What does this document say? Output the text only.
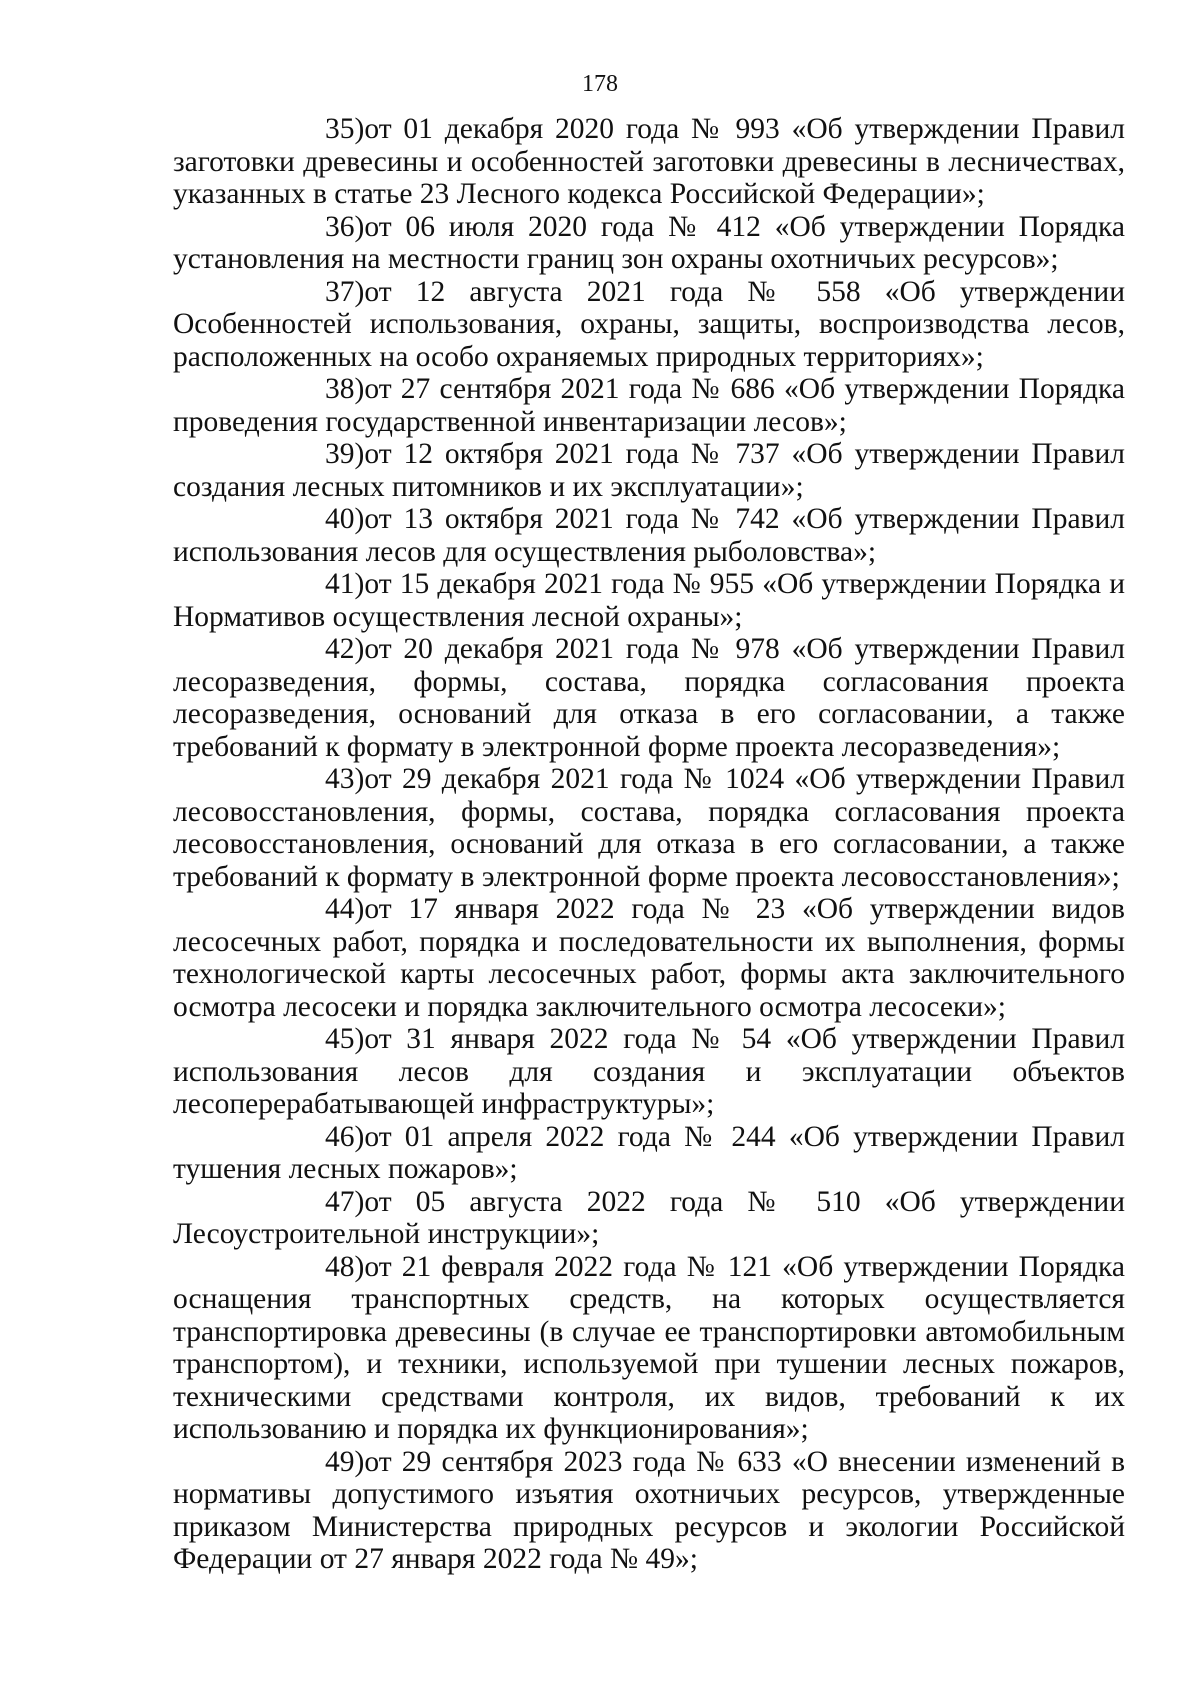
178

35)от 01 декабря 2020 года № 993 «Об утверждении Правил заготовки древесины и особенностей заготовки древесины в лесничествах, указанных в статье 23 Лесного кодекса Российской Федерации»;

36)от 06 июля 2020 года № 412 «Об утверждении Порядка установления на местности границ зон охраны охотничьих ресурсов»;

37)от 12 августа 2021 года № 558 «Об утверждении Особенностей использования, охраны, защиты, воспроизводства лесов, расположенных на особо охраняемых природных территориях»;

38)от 27 сентября 2021 года № 686 «Об утверждении Порядка проведения государственной инвентаризации лесов»;

39)от 12 октября 2021 года № 737 «Об утверждении Правил создания лесных питомников и их эксплуатации»;

40)от 13 октября 2021 года № 742 «Об утверждении Правил использования лесов для осуществления рыболовства»;

41)от 15 декабря 2021 года № 955 «Об утверждении Порядка и Нормативов осуществления лесной охраны»;

42)от 20 декабря 2021 года № 978 «Об утверждении Правил лесоразведения, формы, состава, порядка согласования проекта лесоразведения, оснований для отказа в его согласовании, а также требований к формату в электронной форме проекта лесоразведения»;

43)от 29 декабря 2021 года № 1024 «Об утверждении Правил лесовосстановления, формы, состава, порядка согласования проекта лесовосстановления, оснований для отказа в его согласовании, а также требований к формату в электронной форме проекта лесовосстановления»;

44)от 17 января 2022 года № 23 «Об утверждении видов лесосечных работ, порядка и последовательности их выполнения, формы технологической карты лесосечных работ, формы акта заключительного осмотра лесосеки и порядка заключительного осмотра лесосеки»;

45)от 31 января 2022 года № 54 «Об утверждении Правил использования лесов для создания и эксплуатации объектов лесоперерабатывающей инфраструктуры»;

46)от 01 апреля 2022 года № 244 «Об утверждении Правил тушения лесных пожаров»;

47)от 05 августа 2022 года № 510 «Об утверждении Лесоустроительной инструкции»;

48)от 21 февраля 2022 года № 121 «Об утверждении Порядка оснащения транспортных средств, на которых осуществляется транспортировка древесины (в случае ее транспортировки автомобильным транспортом), и техники, используемой при тушении лесных пожаров, техническими средствами контроля, их видов, требований к их использованию и порядка их функционирования»;

49)от 29 сентября 2023 года № 633 «О внесении изменений в нормативы допустимого изъятия охотничьих ресурсов, утвержденные приказом Министерства природных ресурсов и экологии Российской Федерации от 27 января 2022 года № 49»;
